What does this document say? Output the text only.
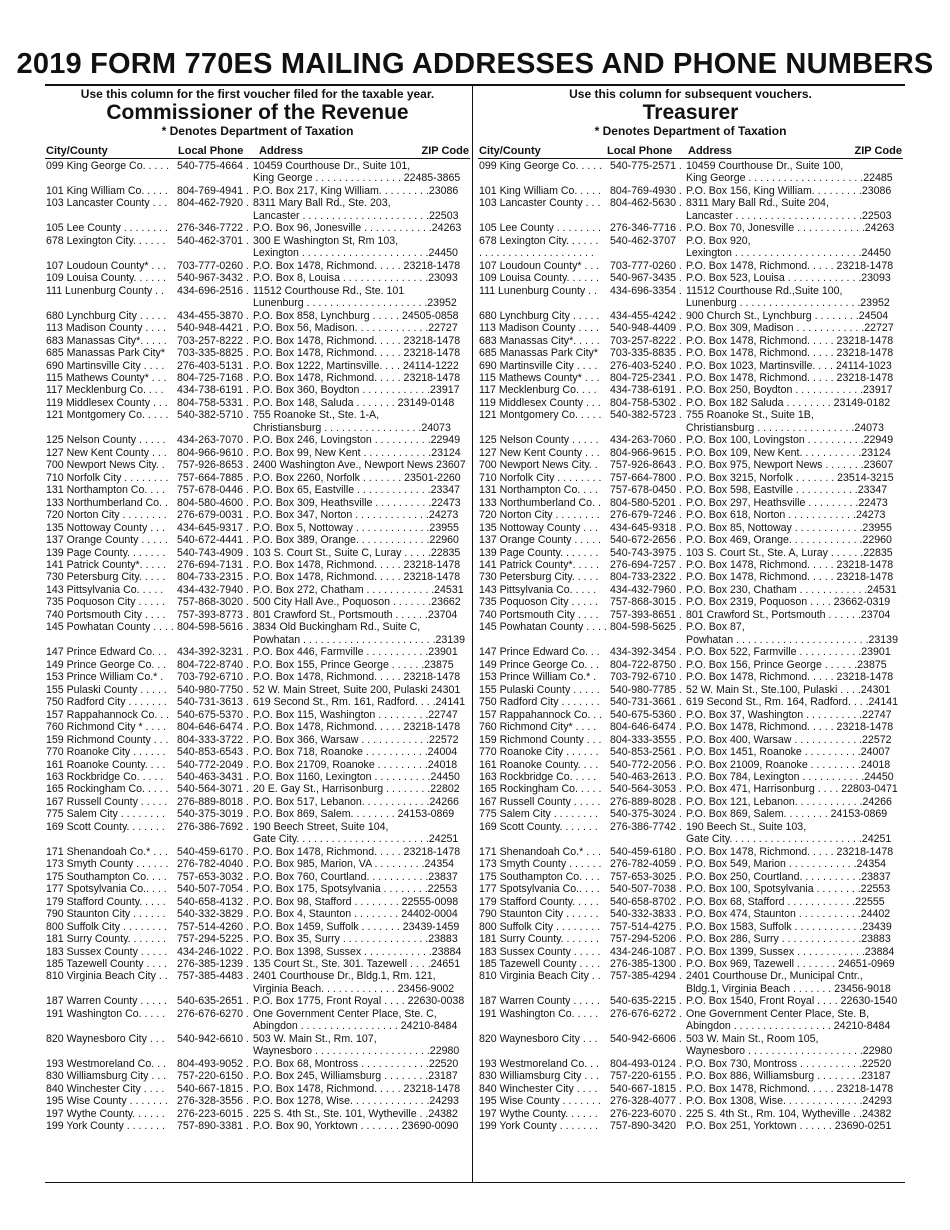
2019 FORM 770ES MAILING ADDRESSES AND PHONE NUMBERS
Use this column for the first voucher filed for the taxable year.
Commissioner of the Revenue
* Denotes Department of Taxation
City/County	Local Phone Address	ZIP Code
099 King George Co. . . . . 540-775-4664 . 10459 Courthouse Dr., Suite 101,
King George . . . . . . . . . . . . . . . 22485-3865
101 King William Co. . . . . 804-769-4941 . P.O. Box 217, King William. . . . . . . . .23086
103 Lancaster County . . . 804-462-7920 . 8311 Mary Ball Rd., Ste. 203,
Lancaster . . . . . . . . . . . . . . . . . . . . . .22503
105 Lee County . . . . . . . . 276-346-7722 . P.O. Box 96, Jonesville . . . . . . . . . . . .24263
678 Lexington City. . . . . . 540-462-3701 . 300 E Washington St, Rm 103,
Lexington . . . . . . . . . . . . . . . . . . . . . .24450
107 Loudoun County* . . . 703-777-0260 . P.O. Box 1478, Richmond. . . . . 23218-1478
109 Louisa County. . . . . . 540-967-3432 . P.O. Box 8, Louisa . . . . . . . . . . . . . . .23093
111 Lunenburg County . . 434-696-2516 . 11512 Courthouse Rd., Ste. 101
Lunenburg . . . . . . . . . . . . . . . . . . . . .23952
680 Lynchburg City . . . . . 434-455-3870 . P.O. Box 858, Lynchburg . . . . . 24505-0858
113 Madison County . . . . 540-948-4421 . P.O. Box 56, Madison. . . . . . . . . . . . .22727
683 Manassas City*. . . . . 703-257-8222 . P.O. Box 1478, Richmond. . . . . 23218-1478
685 Manassas Park City* 703-335-8825 . P.O. Box 1478, Richmond. . . . . 23218-1478
690 Martinsville City . . . . 276-403-5131 . P.O. Box 1222, Martinsville. . . . 24114-1222
115 Mathews County* . . . 804-725-7168 . P.O. Box 1478, Richmond. . . . . 23218-1478
117 Mecklenburg Co. . . . 434-738-6191 . P.O. Box 360, Boydton . . . . . . . . . . . .23917
119 Middlesex County . . . 804-758-5331 . P.O. Box 148, Saluda . . . . . . . 23149-0148
121 Montgomery Co. . . . . 540-382-5710 . 755 Roanoke St., Ste. 1-A,
Christiansburg . . . . . . . . . . . . . . . . .24073
125 Nelson County . . . . . 434-263-7070 . P.O. Box 246, Lovingston . . . . . . . . . .22949
127 New Kent County . . . 804-966-9610 . P.O. Box 99, New Kent . . . . . . . . . . . .23124
700 Newport News City. . 757-926-8653 . 2400 Washington Ave., Newport News 23607
710 Norfolk City . . . . . . . . 757-664-7885 . P.O. Box 2260, Norfolk . . . . . . . 23501-2260
131 Northampton Co. . . . 757-678-0446 . P.O. Box 65, Eastville . . . . . . . . . . . . .23347
133 Northumberland Co. . 804-580-4600 . P.O. Box 309, Heathsville . . . . . . . . . .22473
720 Norton City . . . . . . . . 276-679-0031 . P.O. Box 347, Norton . . . . . . . . . . . . .24273
135 Nottoway County . . . 434-645-9317 . P.O. Box 5, Nottoway . . . . . . . . . . . . .23955
137 Orange County . . . . . 540-672-4441 . P.O. Box 389, Orange. . . . . . . . . . . . .22960
139 Page County. . . . . . . 540-743-4909 . 103 S. Court St., Suite C, Luray . . . . .22835
141 Patrick County*. . . . . 276-694-7131 . P.O. Box 1478, Richmond. . . . . 23218-1478
730 Petersburg City. . . . . 804-733-2315 . P.O. Box 1478, Richmond. . . . . 23218-1478
143 Pittsylvania Co. . . . . 434-432-7940 . P.O. Box 272, Chatham . . . . . . . . . . . .24531
735 Poquoson City . . . . . 757-868-3020 . 500 City Hall Ave., Poquoson . . . . . . .23662
740 Portsmouth City . . . . 757-393-8773 . 801 Crawford St., Portsmouth . . . . . .23704
145 Powhatan County . . . . 804-598-5616 . .
3834 Old Buckingham Rd., Suite C,
Powhatan . . . . . . . . . . . . . . . . . . . . . . .23139
147 Prince Edward Co. . . 434-392-3231 . P.O. Box 446, Farmville . . . . . . . . . . .23901
149 Prince George Co. . . 804-722-8740 . P.O. Box 155, Prince George . . . . . .23875
153 Prince William Co.* . 703-792-6710 . P.O. Box 1478, Richmond. . . . . 23218-1478
155 Pulaski County . . . . . 540-980-7750 . 52 W. Main Street, Suite 200, Pulaski 24301
750 Radford City . . . . . . . 540-731-3613 . 619 Second St., Rm. 161, Radford. . . .24141
157 Rappahannock Co. . . 540-675-5370 . P.O. Box 115, Washington . . . . . . . . .22747
760 Richmond City * . . . . 804-646-6474 . P.O. Box 1478, Richmond. . . . . 23218-1478
159 Richmond County . . . 804-333-3722 . P.O. Box 366, Warsaw . . . . . . . . . . . .22572
770 Roanoke City . . . . . . 540-853-6543 . P.O. Box 718, Roanoke . . . . . . . . . . .24004
161 Roanoke County. . . . 540-772-2049 . P.O. Box 21709, Roanoke . . . . . . . . .24018
163 Rockbridge Co. . . . . 540-463-3431 . P.O. Box 1160, Lexington . . . . . . . . . .24450
165 Rockingham Co. . . . . 540-564-3071 . 20 E. Gay St., Harrisonburg . . . . . . . .22802
167 Russell County . . . . . 276-889-8018 . P.O. Box 517, Lebanon. . . . . . . . . . . .24266
775 Salem City . . . . . . . . 540-375-3019 . P.O. Box 869, Salem. . . . . . . . 24153-0869
169 Scott County. . . . . . . 276-386-7692 . 190 Beech Street, Suite 104,
Gate City. . . . . . . . . . . . . . . . . . . . . . .24251
171 Shenandoah Co.* . . . 540-459-6170 . P.O. Box 1478, Richmond. . . . . 23218-1478
173 Smyth County . . . . . . 276-782-4040 . P.O. Box 985, Marion, VA . . . . . . . . .24354
175 Southampton Co. . . . 757-653-3032 . P.O. Box 760, Courtland. . . . . . . . . . .23837
177 Spotsylvania Co.. . . . 540-507-7054 . P.O. Box 175, Spotsylvania . . . . . . . .22553
179 Stafford County. . . . . 540-658-4132 . P.O. Box 98, Stafford . . . . . . . . 22555-0098
790 Staunton City . . . . . . 540-332-3829 . P.O. Box 4, Staunton . . . . . . . . 24402-0004
800 Suffolk City . . . . . . . . 757-514-4260 . P.O. Box 1459, Suffolk . . . . . . . 23439-1459
181 Surry County. . . . . . . 757-294-5225 . P.O. Box 35, Surry . . . . . . . . . . . . . . .23883
183 Sussex County . . . . . 434-246-1022 . P.O. Box 1398, Sussex . . . . . . . . . . . .23884
185 Tazewell County . . . . 276-385-1239 . 135 Court St., Ste. 301. Tazewell . . . .24651
810 Virginia Beach City . . 757-385-4483 . 2401 Courthouse Dr., Bldg.1, Rm. 121,
Virginia Beach. . . . . . . . . . . . . 23456-9002
187 Warren County . . . . . 540-635-2651 . P.O. Box 1775, Front Royal . . . . 22630-0038
191 Washington Co. . . . . 276-676-6270 . One Government Center Place, Ste. C,
Abingdon . . . . . . . . . . . . . . . . . 24210-8484
820 Waynesboro City . . . 540-942-6610 . 503 W. Main St., Rm. 107,
Waynesboro . . . . . . . . . . . . . . . . . . . .22980
193 Westmoreland Co. . . 804-493-9052 . P.O. Box 68, Montross . . . . . . . . . . . .22520
830 Williamsburg City . . . 757-220-6150 . P.O. Box 245, Williamsburg . . . . . . . .23187
840 Winchester City . . . . 540-667-1815 . P.O. Box 1478, Richmond. . . . . 23218-1478
195 Wise County . . . . . . . 276-328-3556 . P.O. Box 1278, Wise. . . . . . . . . . . . . .24293
197 Wythe County. . . . . . 276-223-6015 . 225 S. 4th St., Ste. 101, Wytheville . .24382
199 York County . . . . . . . 757-890-3381 . P.O. Box 90, Yorktown . . . . . . . 23690-0090
Use this column for subsequent vouchers.
Treasurer
* Denotes Department of Taxation
City/County	Local Phone Address	ZIP Code
099 King George Co. . . . . 540-775-2571 . 10459 Courthouse Dr., Suite 100,
King George . . . . . . . . . . . . . . . . . . . .22485
101 King William Co. . . . . 804-769-4930 . P.O. Box 156, King William. . . . . . . . .23086
103 Lancaster County . . . 804-462-5630 . 8311 Mary Ball Rd., Suite 204,
Lancaster . . . . . . . . . . . . . . . . . . . . . .22503
105 Lee County . . . . . . . . 276-346-7716 . P.O. Box 70, Jonesville . . . . . . . . . . . .24263
678 Lexington City. . . . . . 540-462-3707 P.O. Box 920,
. . . . . . . . . . . . . . . . . . . .	Lexington . . . . . . . . . . . . . . . . . . . . . .24450
107 Loudoun County* . . . 703-777-0260 . P.O. Box 1478, Richmond. . . . . 23218-1478
109 Louisa County. . . . . . 540-967-3435 . P.O. Box 523, Louisa . . . . . . . . . . . . .23093
111 Lunenburg County . . 434-696-3354 . 11512 Courthouse Rd.,Suite 100,
Lunenburg . . . . . . . . . . . . . . . . . . . . .23952
680 Lynchburg City . . . . . 434-455-4242 . 900 Church St., Lynchburg . . . . . . . .24504
113 Madison County . . . . 540-948-4409 . P.O. Box 309, Madison . . . . . . . . . . . .22727
683 Manassas City*. . . . . 703-257-8222 . P.O. Box 1478, Richmond. . . . . 23218-1478
685 Manassas Park City* 703-335-8835 . P.O. Box 1478, Richmond. . . . . 23218-1478
690 Martinsville City . . . . 276-403-5240 . P.O. Box 1023, Martinsville. . . . 24114-1023
115 Mathews County* . . . 804-725-2341 . P.O. Box 1478, Richmond. . . . . 23218-1478
117 Mecklenburg Co. . . . 434-738-6191 . P.O. Box 250, Boydton . . . . . . . . . . . .23917
119 Middlesex County . . . 804-758-5302 . P.O. Box 182 Saluda . . . . . . . . 23149-0182
121 Montgomery Co. . . . . 540-382-5723 . 755 Roanoke St., Suite 1B,
Christiansburg . . . . . . . . . . . . . . . . .24073
125 Nelson County . . . . . 434-263-7060 . P.O. Box 100, Lovingston . . . . . . . . . .22949
127 New Kent County . . . 804-966-9615 . P.O. Box 109, New Kent. . . . . . . . . . .23124
700 Newport News City. . 757-926-8643 . P.O. Box 975, Newport News . . . . . . .23607
710 Norfolk City . . . . . . . . 757-664-7800 . P.O. Box 3215, Norfolk . . . . . . . 23514-3215
131 Northampton Co. . . . 757-678-0450 . P.O. Box 598, Eastville . . . . . . . . . . .23347
133 Northumberland Co. . 804-580-5201 . P.O. Box 297, Heathsville . . . . . . . . .22473
720 Norton City . . . . . . . . 276-679-7246 . P.O. Box 618, Norton . . . . . . . . . . . .24273
135 Nottoway County . . . 434-645-9318 . P.O. Box 85, Nottoway . . . . . . . . . . . .23955
137 Orange County . . . . . 540-672-2656 . P.O. Box 469, Orange. . . . . . . . . . . . .22960
139 Page County. . . . . . . 540-743-3975 . 103 S. Court St., Ste. A, Luray . . . . . .22835
141 Patrick County*. . . . . 276-694-7257 . P.O. Box 1478, Richmond. . . . . 23218-1478
730 Petersburg City. . . . . 804-733-2322 . P.O. Box 1478, Richmond. . . . . 23218-1478
143 Pittsylvania Co. . . . . 434-432-7960 . P.O. Box 230, Chatham . . . . . . . . . . . .24531
735 Poquoson City . . . . . 757-868-3015 . P.O. Box 2319, Poquoson . . . . 23662-0319
740 Portsmouth City . . . . 757-393-8651 . 801 Crawford St., Portsmouth . . . . . .23704
145 Powhatan County . . . . 804-598-5625 . P.O. Box 87,
Powhatan . . . . . . . . . . . . . . . . . . . . . . .23139
147 Prince Edward Co. . . 434-392-3454 . P.O. Box 522, Farmville . . . . . . . . . . .23901
149 Prince George Co. . . 804-722-8750 . P.O. Box 156, Prince George . . . . . .23875
153 Prince William Co.* . 703-792-6710 . P.O. Box 1478, Richmond. . . . . 23218-1478
155 Pulaski County . . . . . 540-980-7785 . 52 W. Main St., Ste.100, Pulaski . . . .24301
750 Radford City . . . . . . . 540-731-3661 . 619 Second St., Rm. 164, Radford. . . .24141
157 Rappahannock Co. . . 540-675-5360 . P.O. Box 37, Washington . . . . . . . . . .22747
760 Richmond City* . . . . 804-646-6474 . P.O. Box 1478, Richmond. . . . . 23218-1478
159 Richmond County . . . 804-333-3555 . P.O. Box 400, Warsaw . . . . . . . . . . . .22572
770 Roanoke City . . . . . . 540-853-2561 . P.O. Box 1451, Roanoke . . . . . . . . . .24007
161 Roanoke County. . . . 540-772-2056 . P.O. Box 21009, Roanoke . . . . . . . . .24018
163 Rockbridge Co. . . . . 540-463-2613 . P.O. Box 784, Lexington . . . . . . . . . . .24450
165 Rockingham Co. . . . . 540-564-3053 . P.O. Box 471, Harrisonburg . . . . 22803-0471
167 Russell County . . . . . 276-889-8028 . P.O. Box 121, Lebanon. . . . . . . . . . . .24266
775 Salem City . . . . . . . . 540-375-3024 . P.O. Box 869, Salem. . . . . . . . 24153-0869
169 Scott County. . . . . . . 276-386-7742 . 190 Beech St., Suite 103,
Gate City. . . . . . . . . . . . . . . . . . . . . . .24251
171 Shenandoah Co.* . . . 540-459-6180 . P.O. Box 1478, Richmond. . . . . 23218-1478
173 Smyth County . . . . . . 276-782-4059 . P.O. Box 549, Marion . . . . . . . . . . . .24354
175 Southampton Co. . . . 757-653-3025 . P.O. Box 250, Courtland. . . . . . . . . . .23837
177 Spotsylvania Co.. . . . 540-507-7038 . P.O. Box 100, Spotsylvania . . . . . . . .22553
179 Stafford County. . . . . 540-658-8702 . P.O. Box 68, Stafford . . . . . . . . . . . .22555
790 Staunton City . . . . . . 540-332-3833 . P.O. Box 474, Staunton . . . . . . . . . . .24402
800 Suffolk City . . . . . . . . 757-514-4275 . P.O. Box 1583, Suffolk . . . . . . . . . . . .23439
181 Surry County. . . . . . . 757-294-5206 . P.O. Box 286, Surry . . . . . . . . . . . . . .23883
183 Sussex County . . . . . 434-246-1087 . P.O. Box 1399, Sussex . . . . . . . . . . . .23884
185 Tazewell County . . . . 276-385-1300 . P.O. Box 969, Tazewell . . . . . . . 24651-0969
810 Virginia Beach City . . 757-385-4294 . 2401 Courthouse Dr., Municipal Cntr.,
Bldg.1, Virginia Beach . . . . . . . 23456-9018
187 Warren County . . . . . 540-635-2215 . P.O. Box 1540, Front Royal . . . . 22630-1540
191 Washington Co. . . . . 276-676-6272 . One Government Center Place, Ste. B,
Abingdon . . . . . . . . . . . . . . . . . 24210-8484
820 Waynesboro City . . . 540-942-6606 . 503 W. Main St., Room 105,
Waynesboro . . . . . . . . . . . . . . . . . . . .22980
193 Westmoreland Co. . . 804-493-0124 . P.O. Box 730, Montross . . . . . . . . . . .22520
830 Williamsburg City . . . 757-220-6155 . P.O. Box 886, Williamsburg . . . . . . . .23187
840 Winchester City . . . . 540-667-1815 . P.O. Box 1478, Richmond. . . . . 23218-1478
195 Wise County . . . . . . . 276-328-4077 . P.O. Box 1308, Wise. . . . . . . . . . . . . .24293
197 Wythe County. . . . . . 276-223-6070 . 225 S. 4th St., Rm. 104, Wytheville . .24382
199 York County . . . . . . . 757-890-3420 P.O. Box 251, Yorktown . . . . . . 23690-0251
